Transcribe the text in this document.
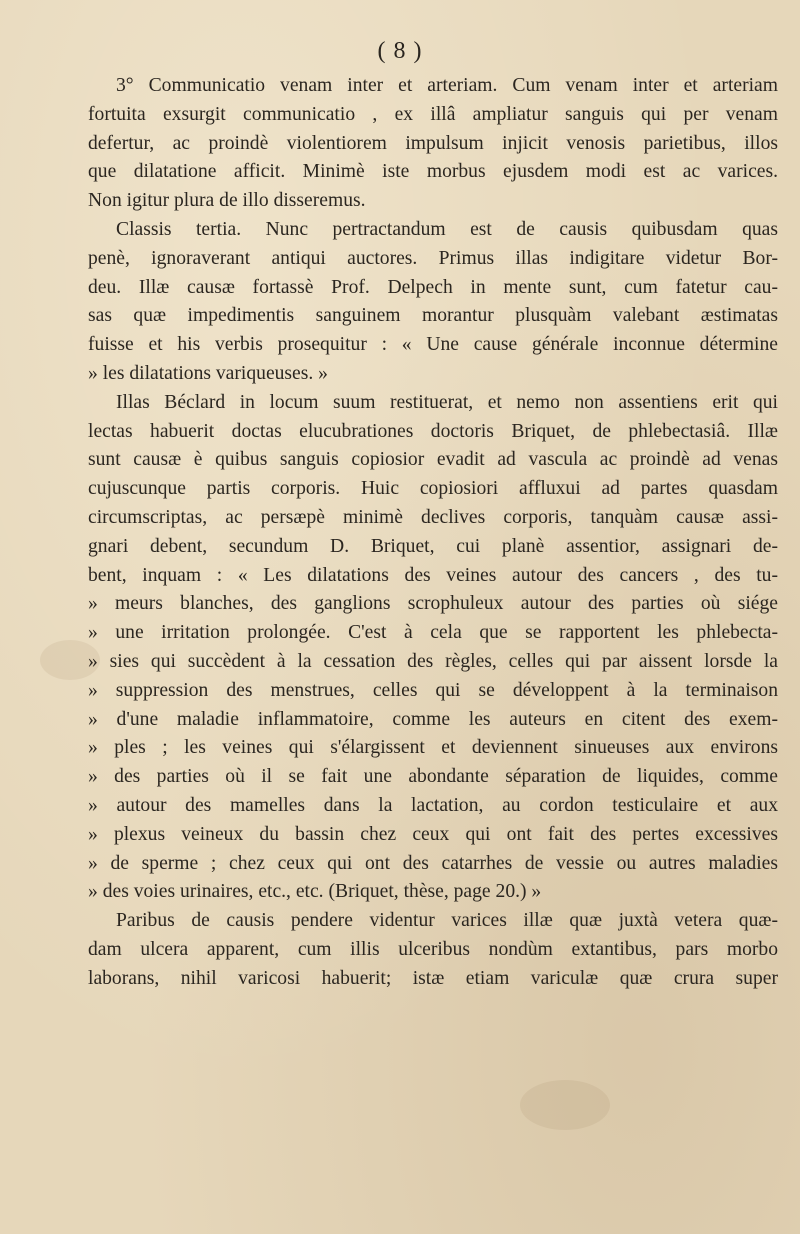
( 8 )
3° Communicatio venam inter et arteriam. Cum venam inter et arteriam
fortuita exsurgit communicatio , ex illâ ampliatur sanguis qui per venam
defertur, ac proindè violentiorem impulsum injicit venosis parietibus, illos
que dilatatione afficit. Minimè iste morbus ejusdem modi est ac varices.
Non igitur plura de illo disseremus.
Classis tertia. Nunc pertractandum est de causis quibusdam quas
penè, ignoraverant antiqui auctores. Primus illas indigitare videtur Bor-
deu. Illæ causæ fortassè Prof. Delpech in mente sunt, cum fatetur cau-
sas quæ impedimentis sanguinem morantur plusquàm valebant æstimatas
fuisse et his verbis prosequitur : « Une cause générale inconnue détermine
» les dilatations variqueuses. »
Illas Béclard in locum suum restituerat, et nemo non assentiens erit qui
lectas habuerit doctas elucubrationes doctoris Briquet, de phlebectasiâ. Illæ
sunt causæ è quibus sanguis copiosior evadit ad vascula ac proindè ad venas
cujuscunque partis corporis. Huic copiosiori affluxui ad partes quasdam
circumscriptas, ac persæpè minimè declives corporis, tanquàm causæ assi-
gnari debent, secundum D. Briquet, cui planè assentior, assignari de-
bent, inquam : « Les dilatations des veines autour des cancers , des tu-
» meurs blanches, des ganglions scrophuleux autour des parties où siége
» une irritation prolongée. C'est à cela que se rapportent les phlebecta-
» sies qui succèdent à la cessation des règles, celles qui par aissent lorsde la
» suppression des menstrues, celles qui se développent à la terminaison
» d'une maladie inflammatoire, comme les auteurs en citent des exem-
» ples ; les veines qui s'élargissent et deviennent sinueuses aux environs
» des parties où il se fait une abondante séparation de liquides, comme
» autour des mamelles dans la lactation, au cordon testiculaire et aux
» plexus veineux du bassin chez ceux qui ont fait des pertes excessives
» de sperme ; chez ceux qui ont des catarrhes de vessie ou autres maladies
» des voies urinaires, etc., etc. (Briquet, thèse, page 20.) »
Paribus de causis pendere videntur varices illæ quæ juxtà vetera quæ-
dam ulcera apparent, cum illis ulceribus nondùm extantibus, pars morbo
laborans, nihil varicosi habuerit; istæ etiam variculæ quæ crura super
